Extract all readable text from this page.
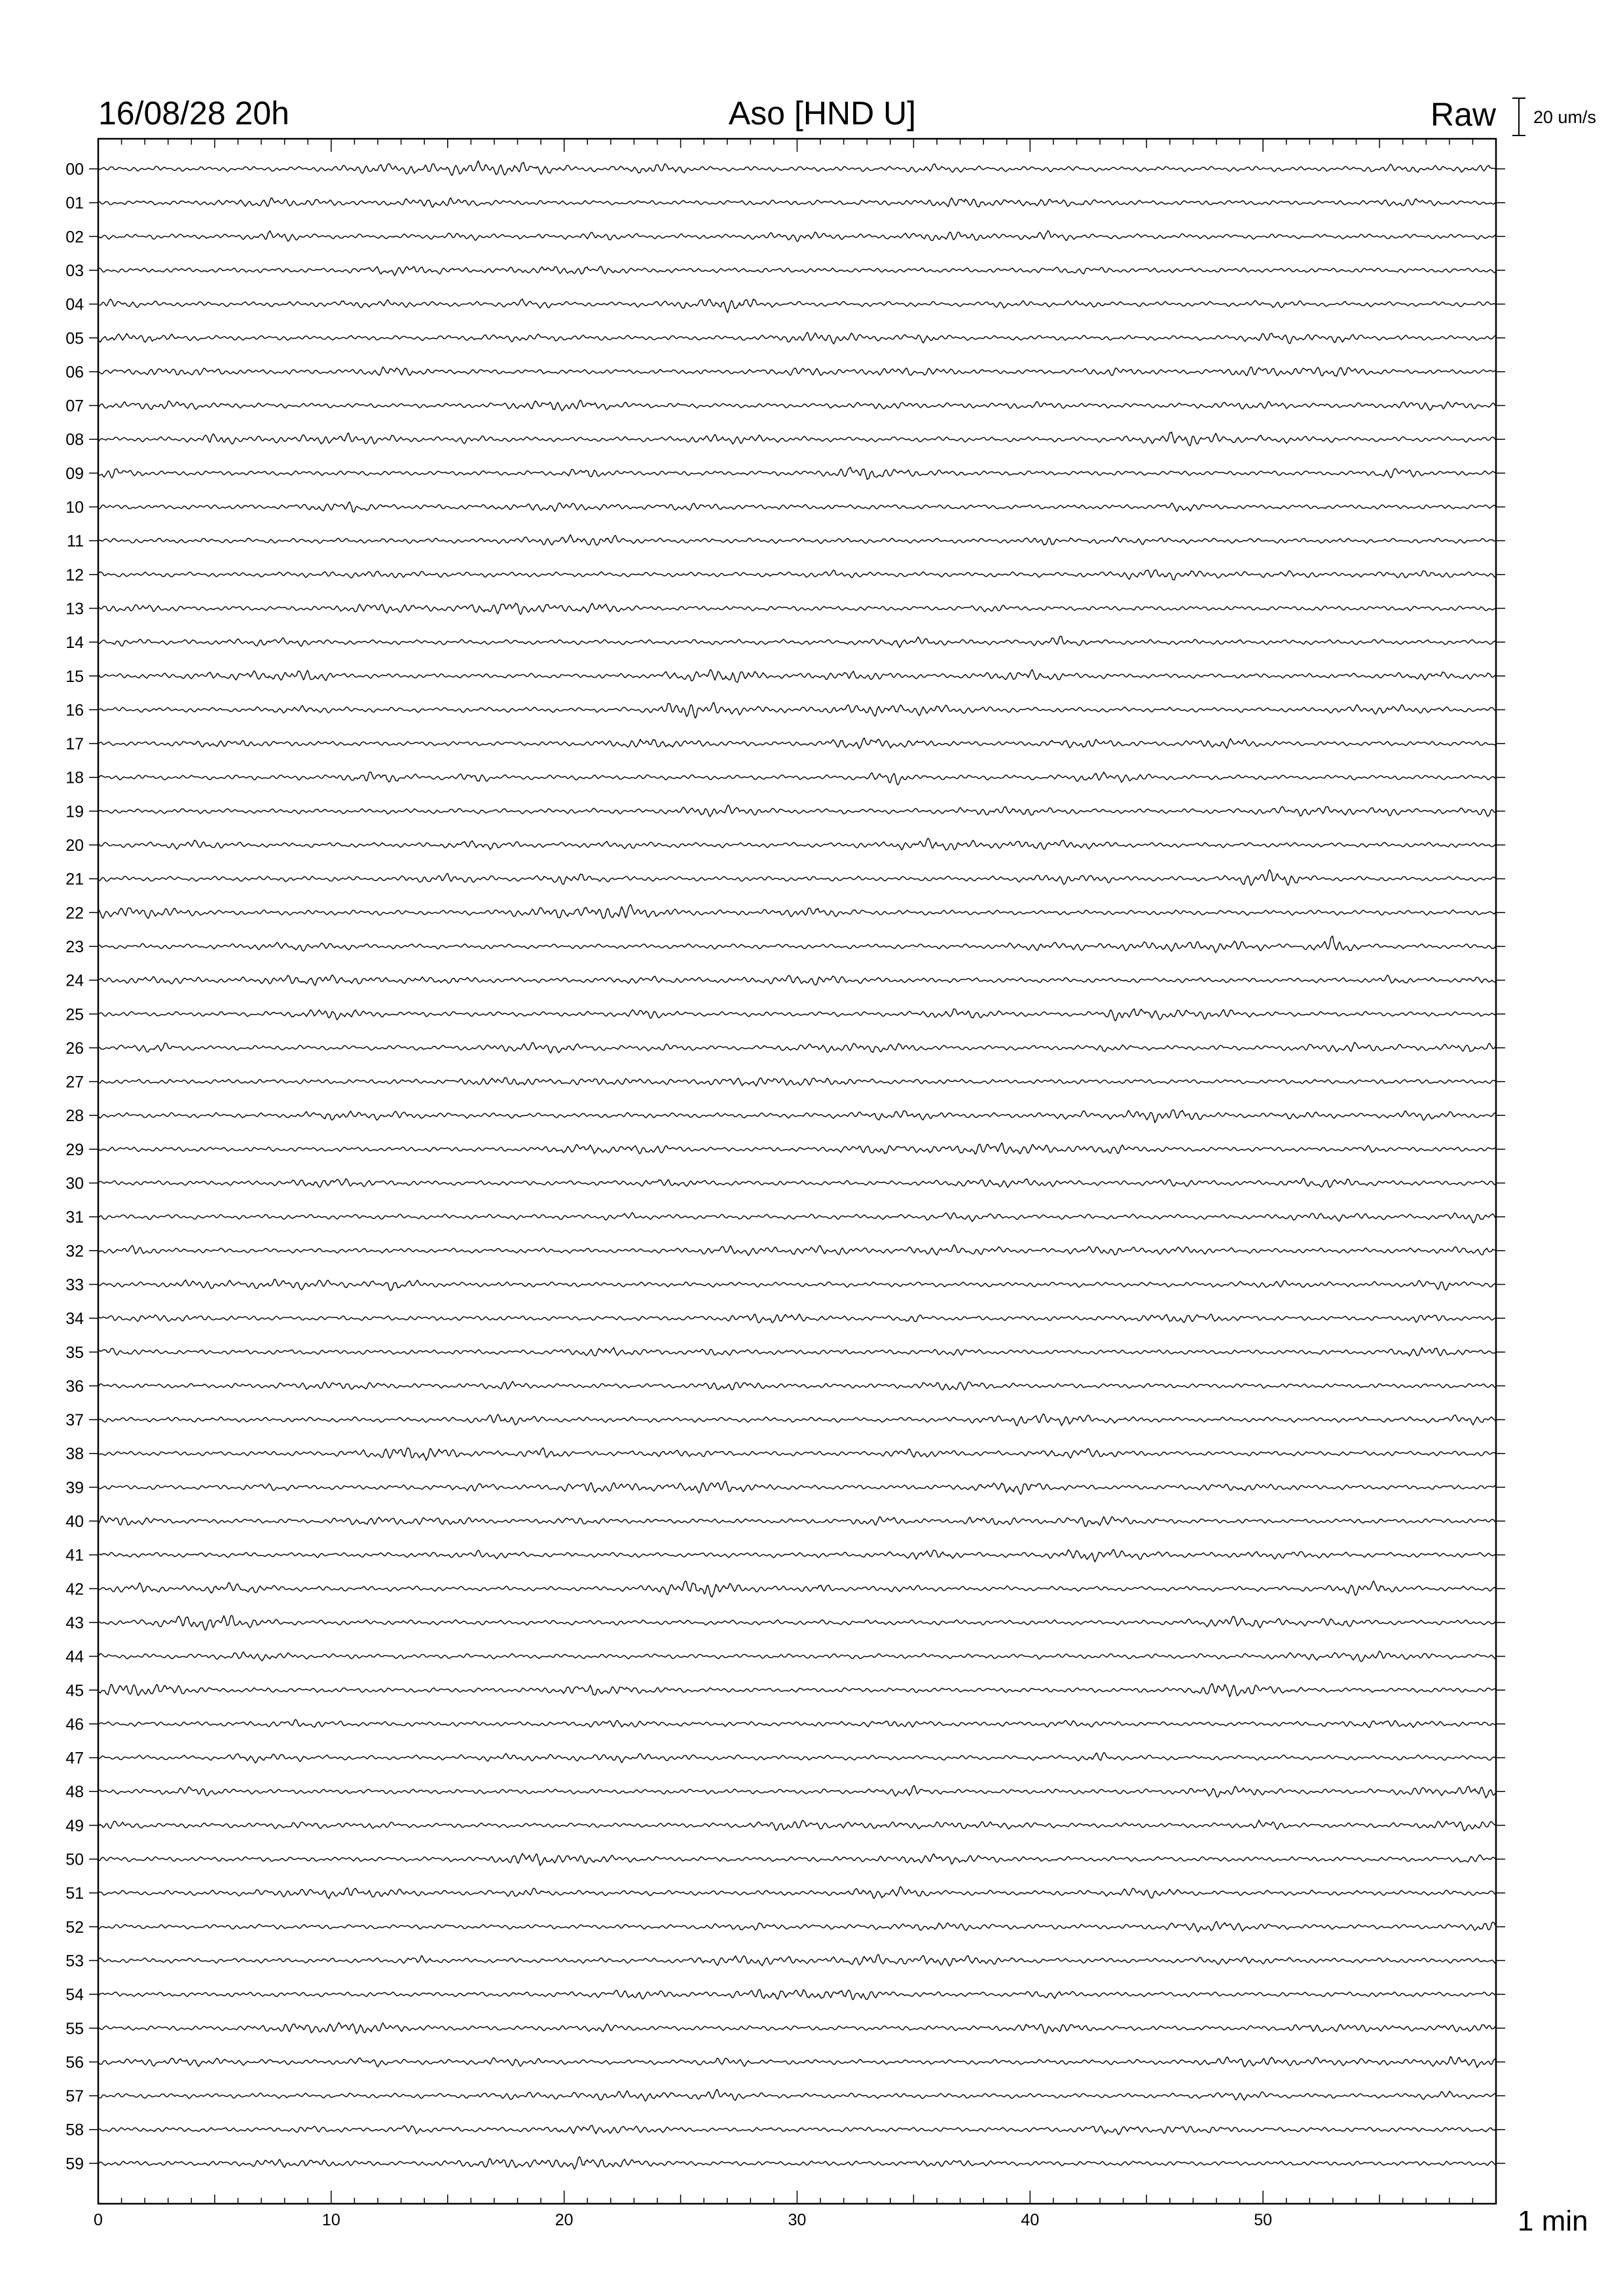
16/08/28 20h	Aso [HND U]	Raw 20 um/s
00
01
02
03
04
05
06
07
08
09
10
11
12
13
14
15
16
17
18
19
20
21
22
23
24
25
26
27
28
29
30
31
32
33
34
35
36
37
38
39
40
41
42
43
44
45
46
47
48
49
50
51
52
53
54
55
56
57
58
59
0	10	20	30	40	50	1 min
